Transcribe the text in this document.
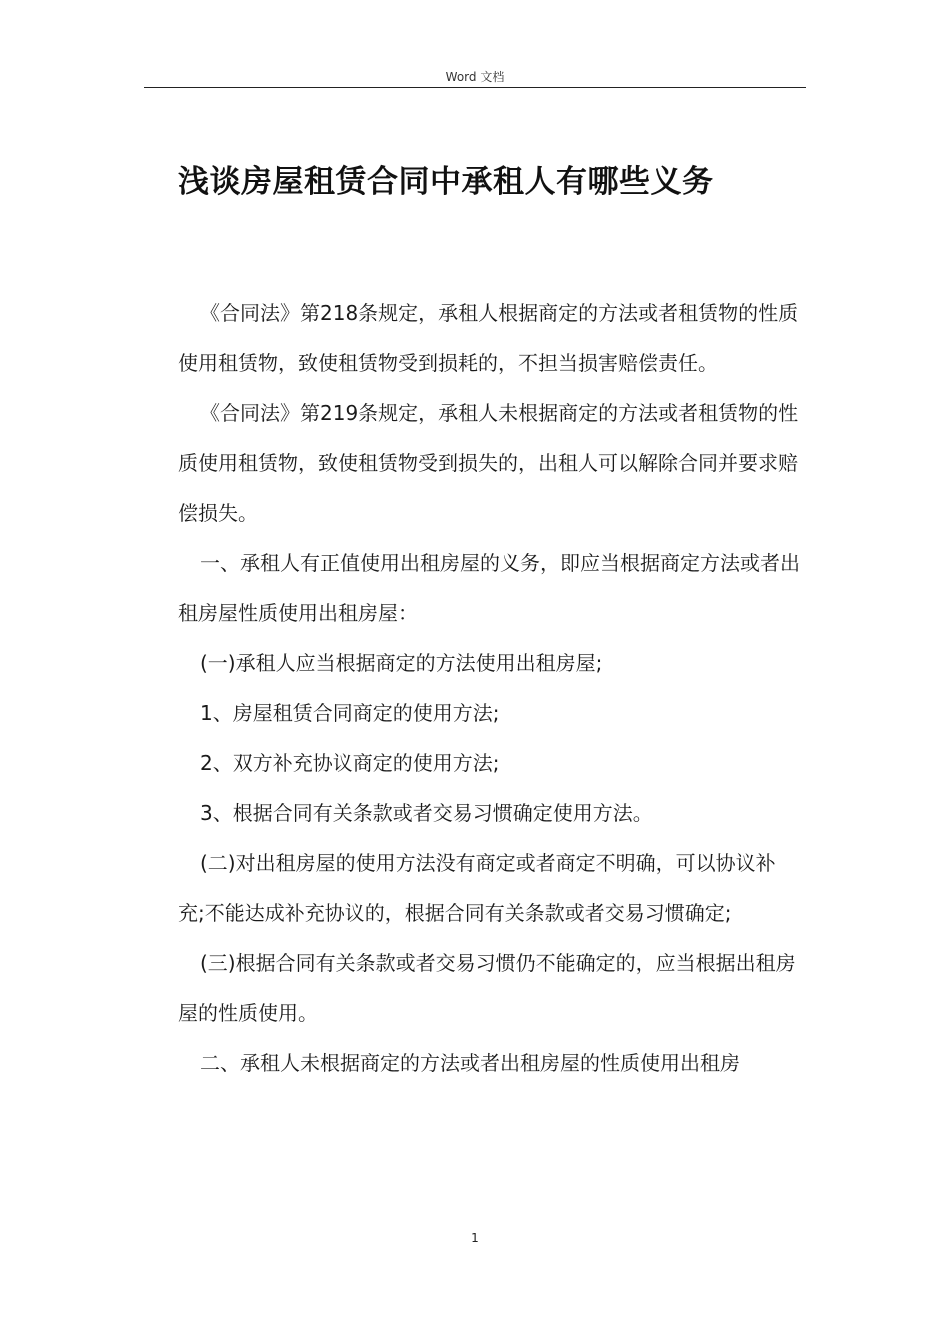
Word 文档
浅谈房屋租赁合同中承租人有哪些义务

《合同法》第218条规定，承租人根据商定的方法或者租赁物的性质使用租赁物，致使租赁物受到损耗的，不担当损害赔偿责任。

《合同法》第219条规定，承租人未根据商定的方法或者租赁物的性质使用租赁物，致使租赁物受到损失的，出租人可以解除合同并要求赔偿损失。

一、承租人有正值使用出租房屋的义务，即应当根据商定方法或者出租房屋性质使用出租房屋：

(一)承租人应当根据商定的方法使用出租房屋;

1、房屋租赁合同商定的使用方法;

2、双方补充协议商定的使用方法;

3、根据合同有关条款或者交易习惯确定使用方法。

(二)对出租房屋的使用方法没有商定或者商定不明确，可以协议补充;不能达成补充协议的，根据合同有关条款或者交易习惯确定;

(三)根据合同有关条款或者交易习惯仍不能确定的，应当根据出租房屋的性质使用。

二、承租人未根据商定的方法或者出租房屋的性质使用出租房

1
